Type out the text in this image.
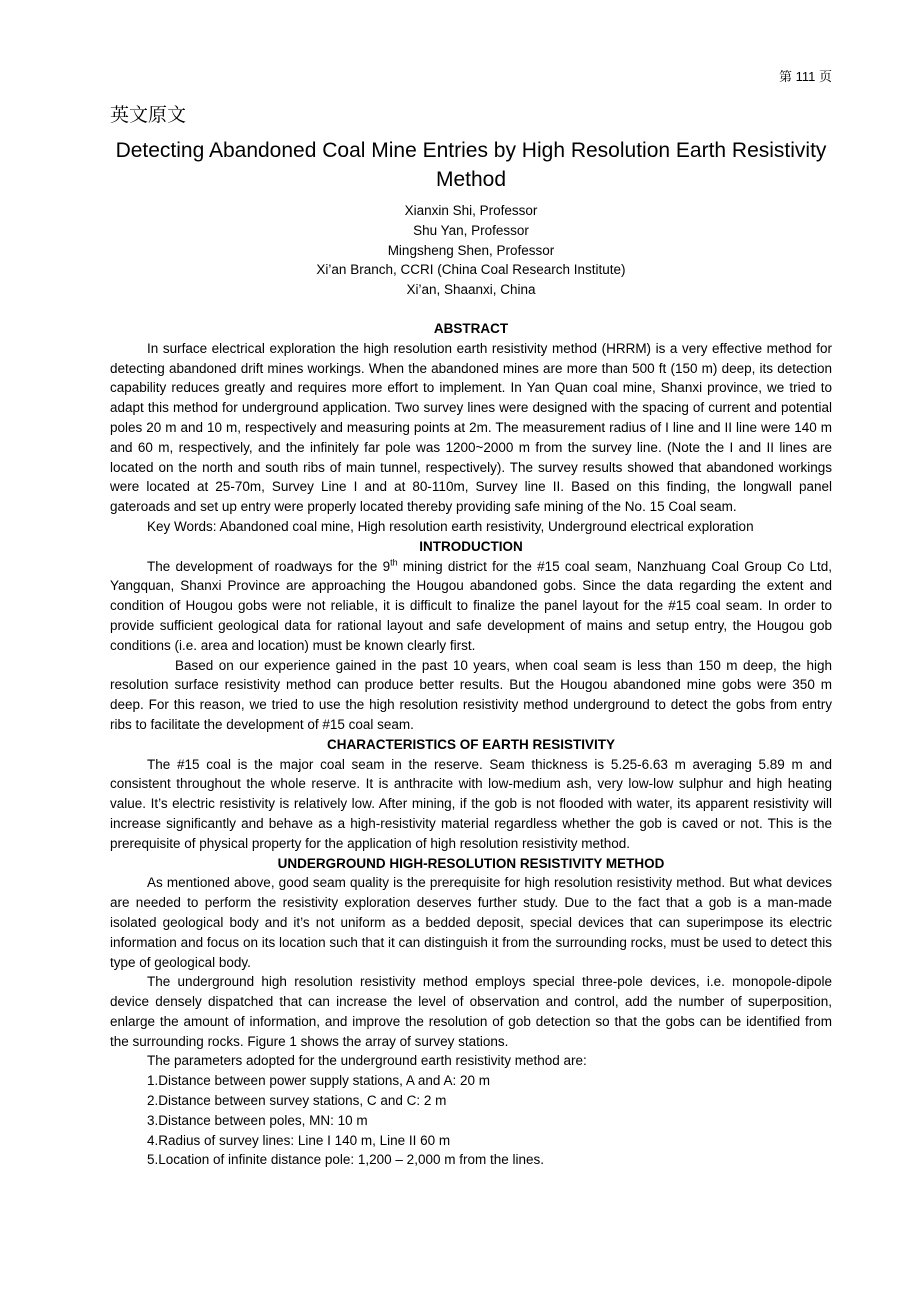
第 111 页
英文原文
Detecting Abandoned Coal Mine Entries by High Resolution Earth Resistivity Method
Xianxin Shi, Professor
Shu Yan, Professor
Mingsheng Shen, Professor
Xi’an Branch, CCRI (China Coal Research Institute)
Xi’an, Shaanxi, China
ABSTRACT

In surface electrical exploration the high resolution earth resistivity method (HRRM) is a very effective method for detecting abandoned drift mines workings. When the abandoned mines are more than 500 ft (150 m) deep, its detection capability reduces greatly and requires more effort to implement. In Yan Quan coal mine, Shanxi province, we tried to adapt this method for underground application. Two survey lines were designed with the spacing of current and potential poles 20 m and 10 m, respectively and measuring points at 2m. The measurement radius of I line and II line were 140 m and 60 m, respectively, and the infinitely far pole was 1200~2000 m from the survey line. (Note the I and II lines are located on the north and south ribs of main tunnel, respectively). The survey results showed that abandoned workings were located at 25-70m, Survey Line I and at 80-110m, Survey line II. Based on this finding, the longwall panel gateroads and set up entry were properly located thereby providing safe mining of the No. 15 Coal seam.

Key Words: Abandoned coal mine, High resolution earth resistivity, Underground electrical exploration

INTRODUCTION

The development of roadways for the 9th mining district for the #15 coal seam, Nanzhuang Coal Group Co Ltd, Yangquan, Shanxi Province are approaching the Hougou abandoned gobs. Since the data regarding the extent and condition of Hougou gobs were not reliable, it is difficult to finalize the panel layout for the #15 coal seam. In order to provide sufficient geological data for rational layout and safe development of mains and setup entry, the Hougou gob conditions (i.e. area and location) must be known clearly first.

Based on our experience gained in the past 10 years, when coal seam is less than 150 m deep, the high resolution surface resistivity method can produce better results. But the Hougou abandoned mine gobs were 350 m deep. For this reason, we tried to use the high resolution resistivity method underground to detect the gobs from entry ribs to facilitate the development of #15 coal seam.

CHARACTERISTICS OF EARTH RESISTIVITY

The #15 coal is the major coal seam in the reserve. Seam thickness is 5.25-6.63 m averaging 5.89 m and consistent throughout the whole reserve. It is anthracite with low-medium ash, very low-low sulphur and high heating value. It’s electric resistivity is relatively low. After mining, if the gob is not flooded with water, its apparent resistivity will increase significantly and behave as a high-resistivity material regardless whether the gob is caved or not. This is the prerequisite of physical property for the application of high resolution resistivity method.

UNDERGROUND HIGH-RESOLUTION RESISTIVITY METHOD

As mentioned above, good seam quality is the prerequisite for high resolution resistivity method. But what devices are needed to perform the resistivity exploration deserves further study. Due to the fact that a gob is a man-made isolated geological body and it’s not uniform as a bedded deposit, special devices that can superimpose its electric information and focus on its location such that it can distinguish it from the surrounding rocks, must be used to detect this type of geological body.

The underground high resolution resistivity method employs special three-pole devices, i.e. monopole-dipole device densely dispatched that can increase the level of observation and control, add the number of superposition, enlarge the amount of information, and improve the resolution of gob detection so that the gobs can be identified from the surrounding rocks. Figure 1 shows the array of survey stations.

The parameters adopted for the underground earth resistivity method are:

1.Distance between power supply stations, A and A: 20 m
2.Distance between survey stations, C and C: 2 m
3.Distance between poles, MN: 10 m
4.Radius of survey lines: Line I 140 m, Line II 60 m
5.Location of infinite distance pole: 1,200 – 2,000 m from the lines.
